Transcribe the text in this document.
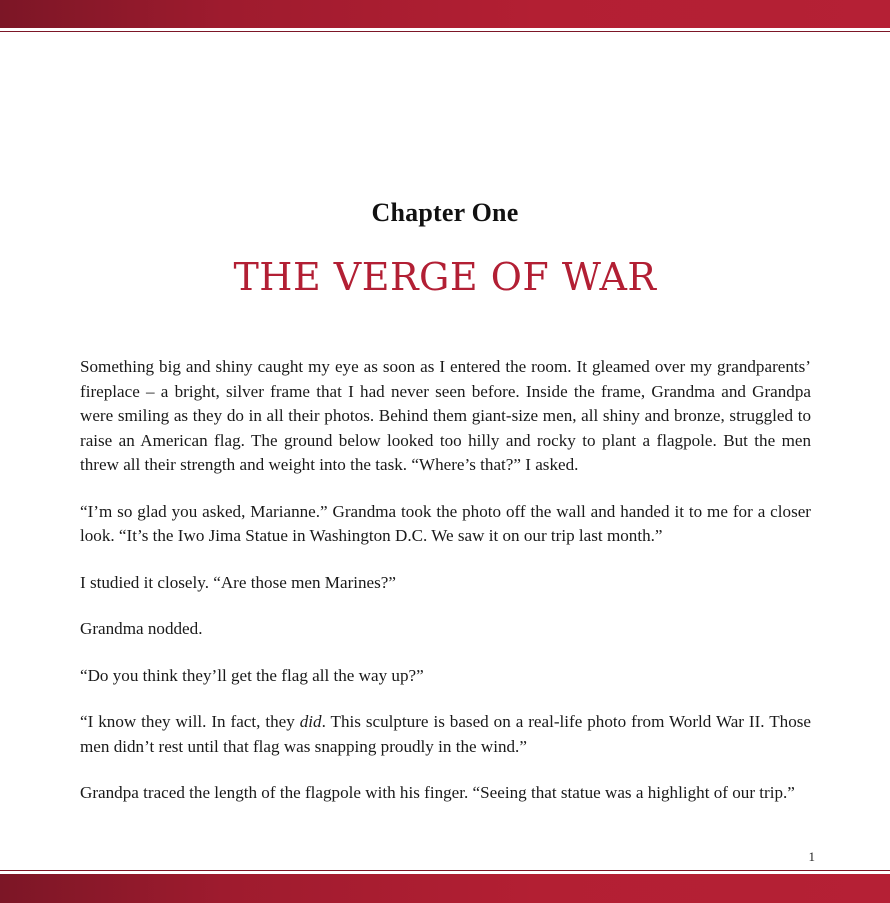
Chapter One
THE VERGE OF WAR

Something big and shiny caught my eye as soon as I entered the room. It gleamed over my grandparents’ fireplace – a bright, silver frame that I had never seen before. Inside the frame, Grandma and Grandpa were smiling as they do in all their photos. Behind them giant-size men, all shiny and bronze, struggled to raise an American flag. The ground below looked too hilly and rocky to plant a flagpole. But the men threw all their strength and weight into the task. “Where’s that?” I asked.

“I’m so glad you asked, Marianne.” Grandma took the photo off the wall and handed it to me for a closer look. “It’s the Iwo Jima Statue in Washington D.C. We saw it on our trip last month.”

I studied it closely. “Are those men Marines?”

Grandma nodded.

“Do you think they’ll get the flag all the way up?”

“I know they will. In fact, they did. This sculpture is based on a real-life photo from World War II. Those men didn’t rest until that flag was snapping proudly in the wind.”

Grandpa traced the length of the flagpole with his finger. “Seeing that statue was a highlight of our trip.”

1
